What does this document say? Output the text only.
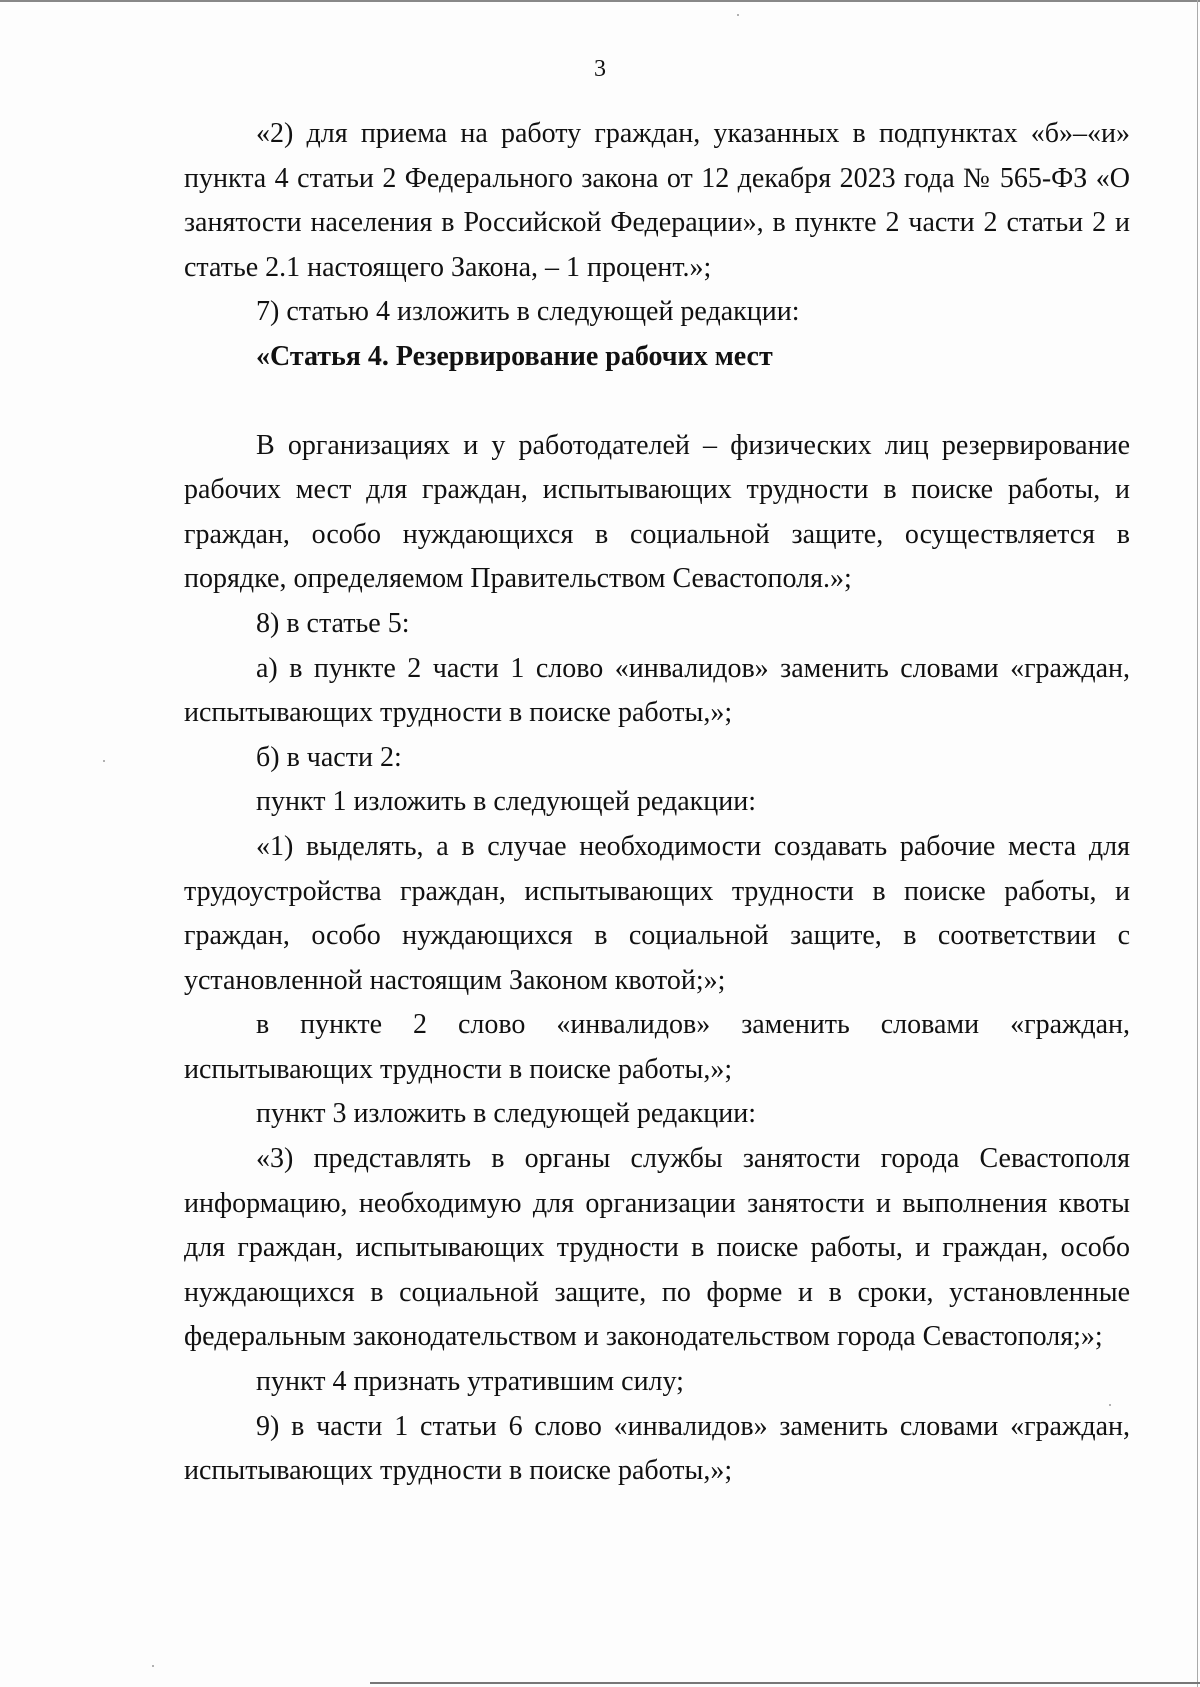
3

«2) для приема на работу граждан, указанных в подпунктах «б»–«и» пункта 4 статьи 2 Федерального закона от 12 декабря 2023 года № 565-ФЗ «О занятости населения в Российской Федерации», в пункте 2 части 2 статьи 2 и статье 2.1 настоящего Закона, – 1 процент.»;

7) статью 4 изложить в следующей редакции:

«Статья 4. Резервирование рабочих мест

В организациях и у работодателей – физических лиц резервирование рабочих мест для граждан, испытывающих трудности в поиске работы, и граждан, особо нуждающихся в социальной защите, осуществляется в порядке, определяемом Правительством Севастополя.»;

8) в статье 5:

а) в пункте 2 части 1 слово «инвалидов» заменить словами «граждан, испытывающих трудности в поиске работы,»;

б) в части 2:

пункт 1 изложить в следующей редакции:

«1) выделять, а в случае необходимости создавать рабочие места для трудоустройства граждан, испытывающих трудности в поиске работы, и граждан, особо нуждающихся в социальной защите, в соответствии с установленной настоящим Законом квотой;»;

в пункте 2 слово «инвалидов» заменить словами «граждан, испытывающих трудности в поиске работы,»;

пункт 3 изложить в следующей редакции:

«3) представлять в органы службы занятости города Севастополя информацию, необходимую для организации занятости и выполнения квоты для граждан, испытывающих трудности в поиске работы, и граждан, особо нуждающихся в социальной защите, по форме и в сроки, установленные федеральным законодательством и законодательством города Севастополя;»;

пункт 4 признать утратившим силу;

9) в части 1 статьи 6 слово «инвалидов» заменить словами «граждан, испытывающих трудности в поиске работы,»;
